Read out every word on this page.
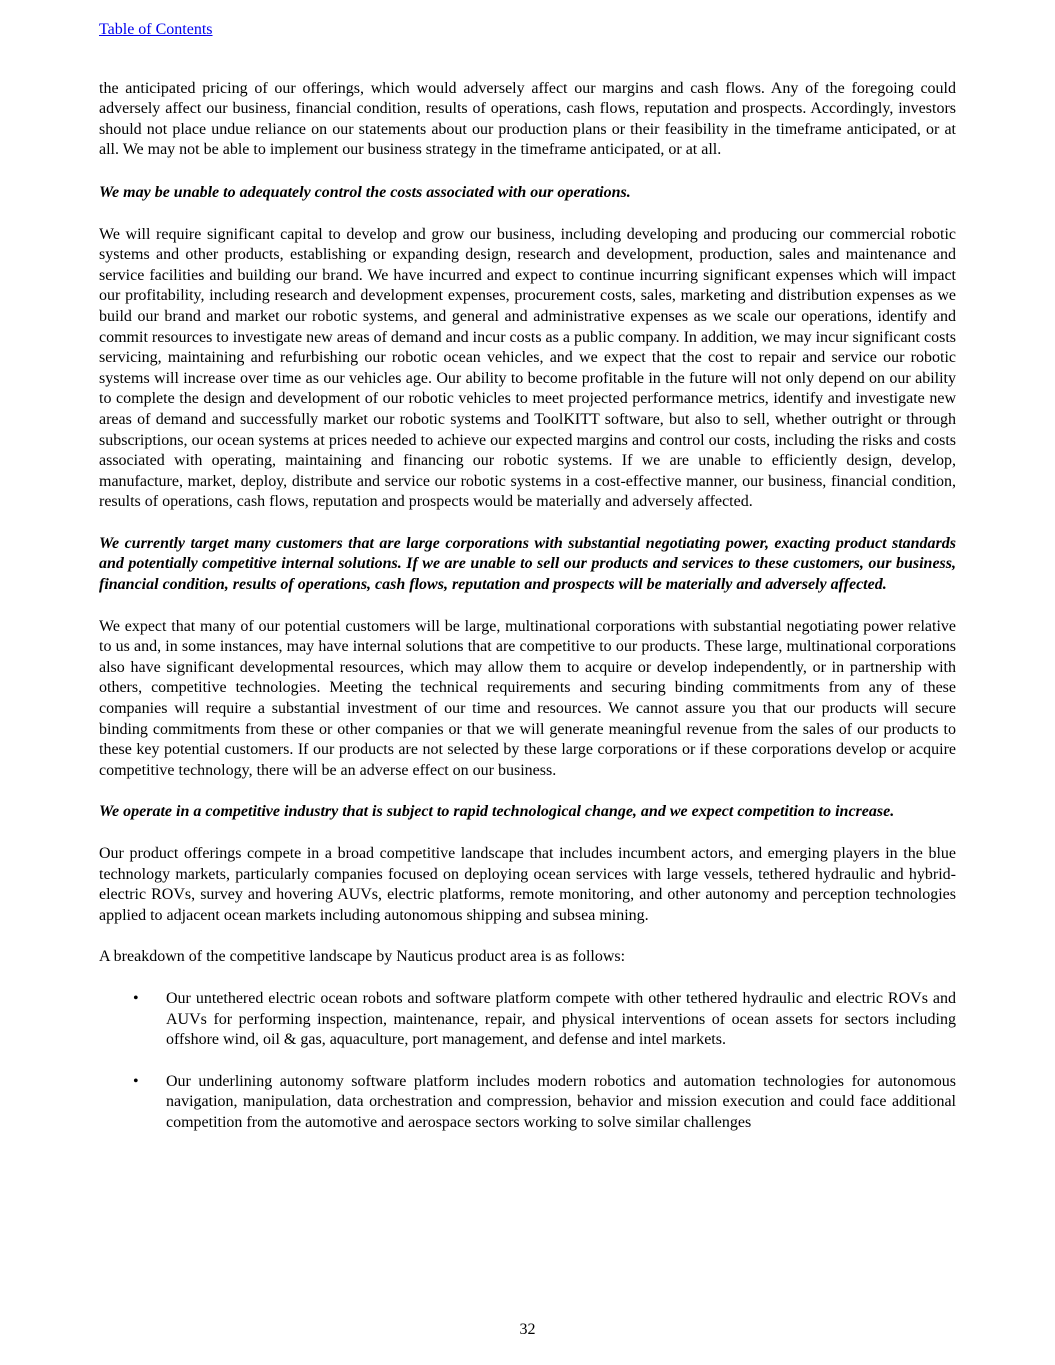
Table of Contents
the anticipated pricing of our offerings, which would adversely affect our margins and cash flows. Any of the foregoing could adversely affect our business, financial condition, results of operations, cash flows, reputation and prospects. Accordingly, investors should not place undue reliance on our statements about our production plans or their feasibility in the timeframe anticipated, or at all. We may not be able to implement our business strategy in the timeframe anticipated, or at all.
We may be unable to adequately control the costs associated with our operations.
We will require significant capital to develop and grow our business, including developing and producing our commercial robotic systems and other products, establishing or expanding design, research and development, production, sales and maintenance and service facilities and building our brand. We have incurred and expect to continue incurring significant expenses which will impact our profitability, including research and development expenses, procurement costs, sales, marketing and distribution expenses as we build our brand and market our robotic systems, and general and administrative expenses as we scale our operations, identify and commit resources to investigate new areas of demand and incur costs as a public company. In addition, we may incur significant costs servicing, maintaining and refurbishing our robotic ocean vehicles, and we expect that the cost to repair and service our robotic systems will increase over time as our vehicles age. Our ability to become profitable in the future will not only depend on our ability to complete the design and development of our robotic vehicles to meet projected performance metrics, identify and investigate new areas of demand and successfully market our robotic systems and ToolKITT software, but also to sell, whether outright or through subscriptions, our ocean systems at prices needed to achieve our expected margins and control our costs, including the risks and costs associated with operating, maintaining and financing our robotic systems. If we are unable to efficiently design, develop, manufacture, market, deploy, distribute and service our robotic systems in a cost-effective manner, our business, financial condition, results of operations, cash flows, reputation and prospects would be materially and adversely affected.
We currently target many customers that are large corporations with substantial negotiating power, exacting product standards and potentially competitive internal solutions. If we are unable to sell our products and services to these customers, our business, financial condition, results of operations, cash flows, reputation and prospects will be materially and adversely affected.
We expect that many of our potential customers will be large, multinational corporations with substantial negotiating power relative to us and, in some instances, may have internal solutions that are competitive to our products. These large, multinational corporations also have significant developmental resources, which may allow them to acquire or develop independently, or in partnership with others, competitive technologies. Meeting the technical requirements and securing binding commitments from any of these companies will require a substantial investment of our time and resources. We cannot assure you that our products will secure binding commitments from these or other companies or that we will generate meaningful revenue from the sales of our products to these key potential customers. If our products are not selected by these large corporations or if these corporations develop or acquire competitive technology, there will be an adverse effect on our business.
We operate in a competitive industry that is subject to rapid technological change, and we expect competition to increase.
Our product offerings compete in a broad competitive landscape that includes incumbent actors, and emerging players in the blue technology markets, particularly companies focused on deploying ocean services with large vessels, tethered hydraulic and hybrid-electric ROVs, survey and hovering AUVs, electric platforms, remote monitoring, and other autonomy and perception technologies applied to adjacent ocean markets including autonomous shipping and subsea mining.
A breakdown of the competitive landscape by Nauticus product area is as follows:
•	Our untethered electric ocean robots and software platform compete with other tethered hydraulic and electric ROVs and AUVs for performing inspection, maintenance, repair, and physical interventions of ocean assets for sectors including offshore wind, oil & gas, aquaculture, port management, and defense and intel markets.
•	Our underlining autonomy software platform includes modern robotics and automation technologies for autonomous navigation, manipulation, data orchestration and compression, behavior and mission execution and could face additional competition from the automotive and aerospace sectors working to solve similar challenges
32
